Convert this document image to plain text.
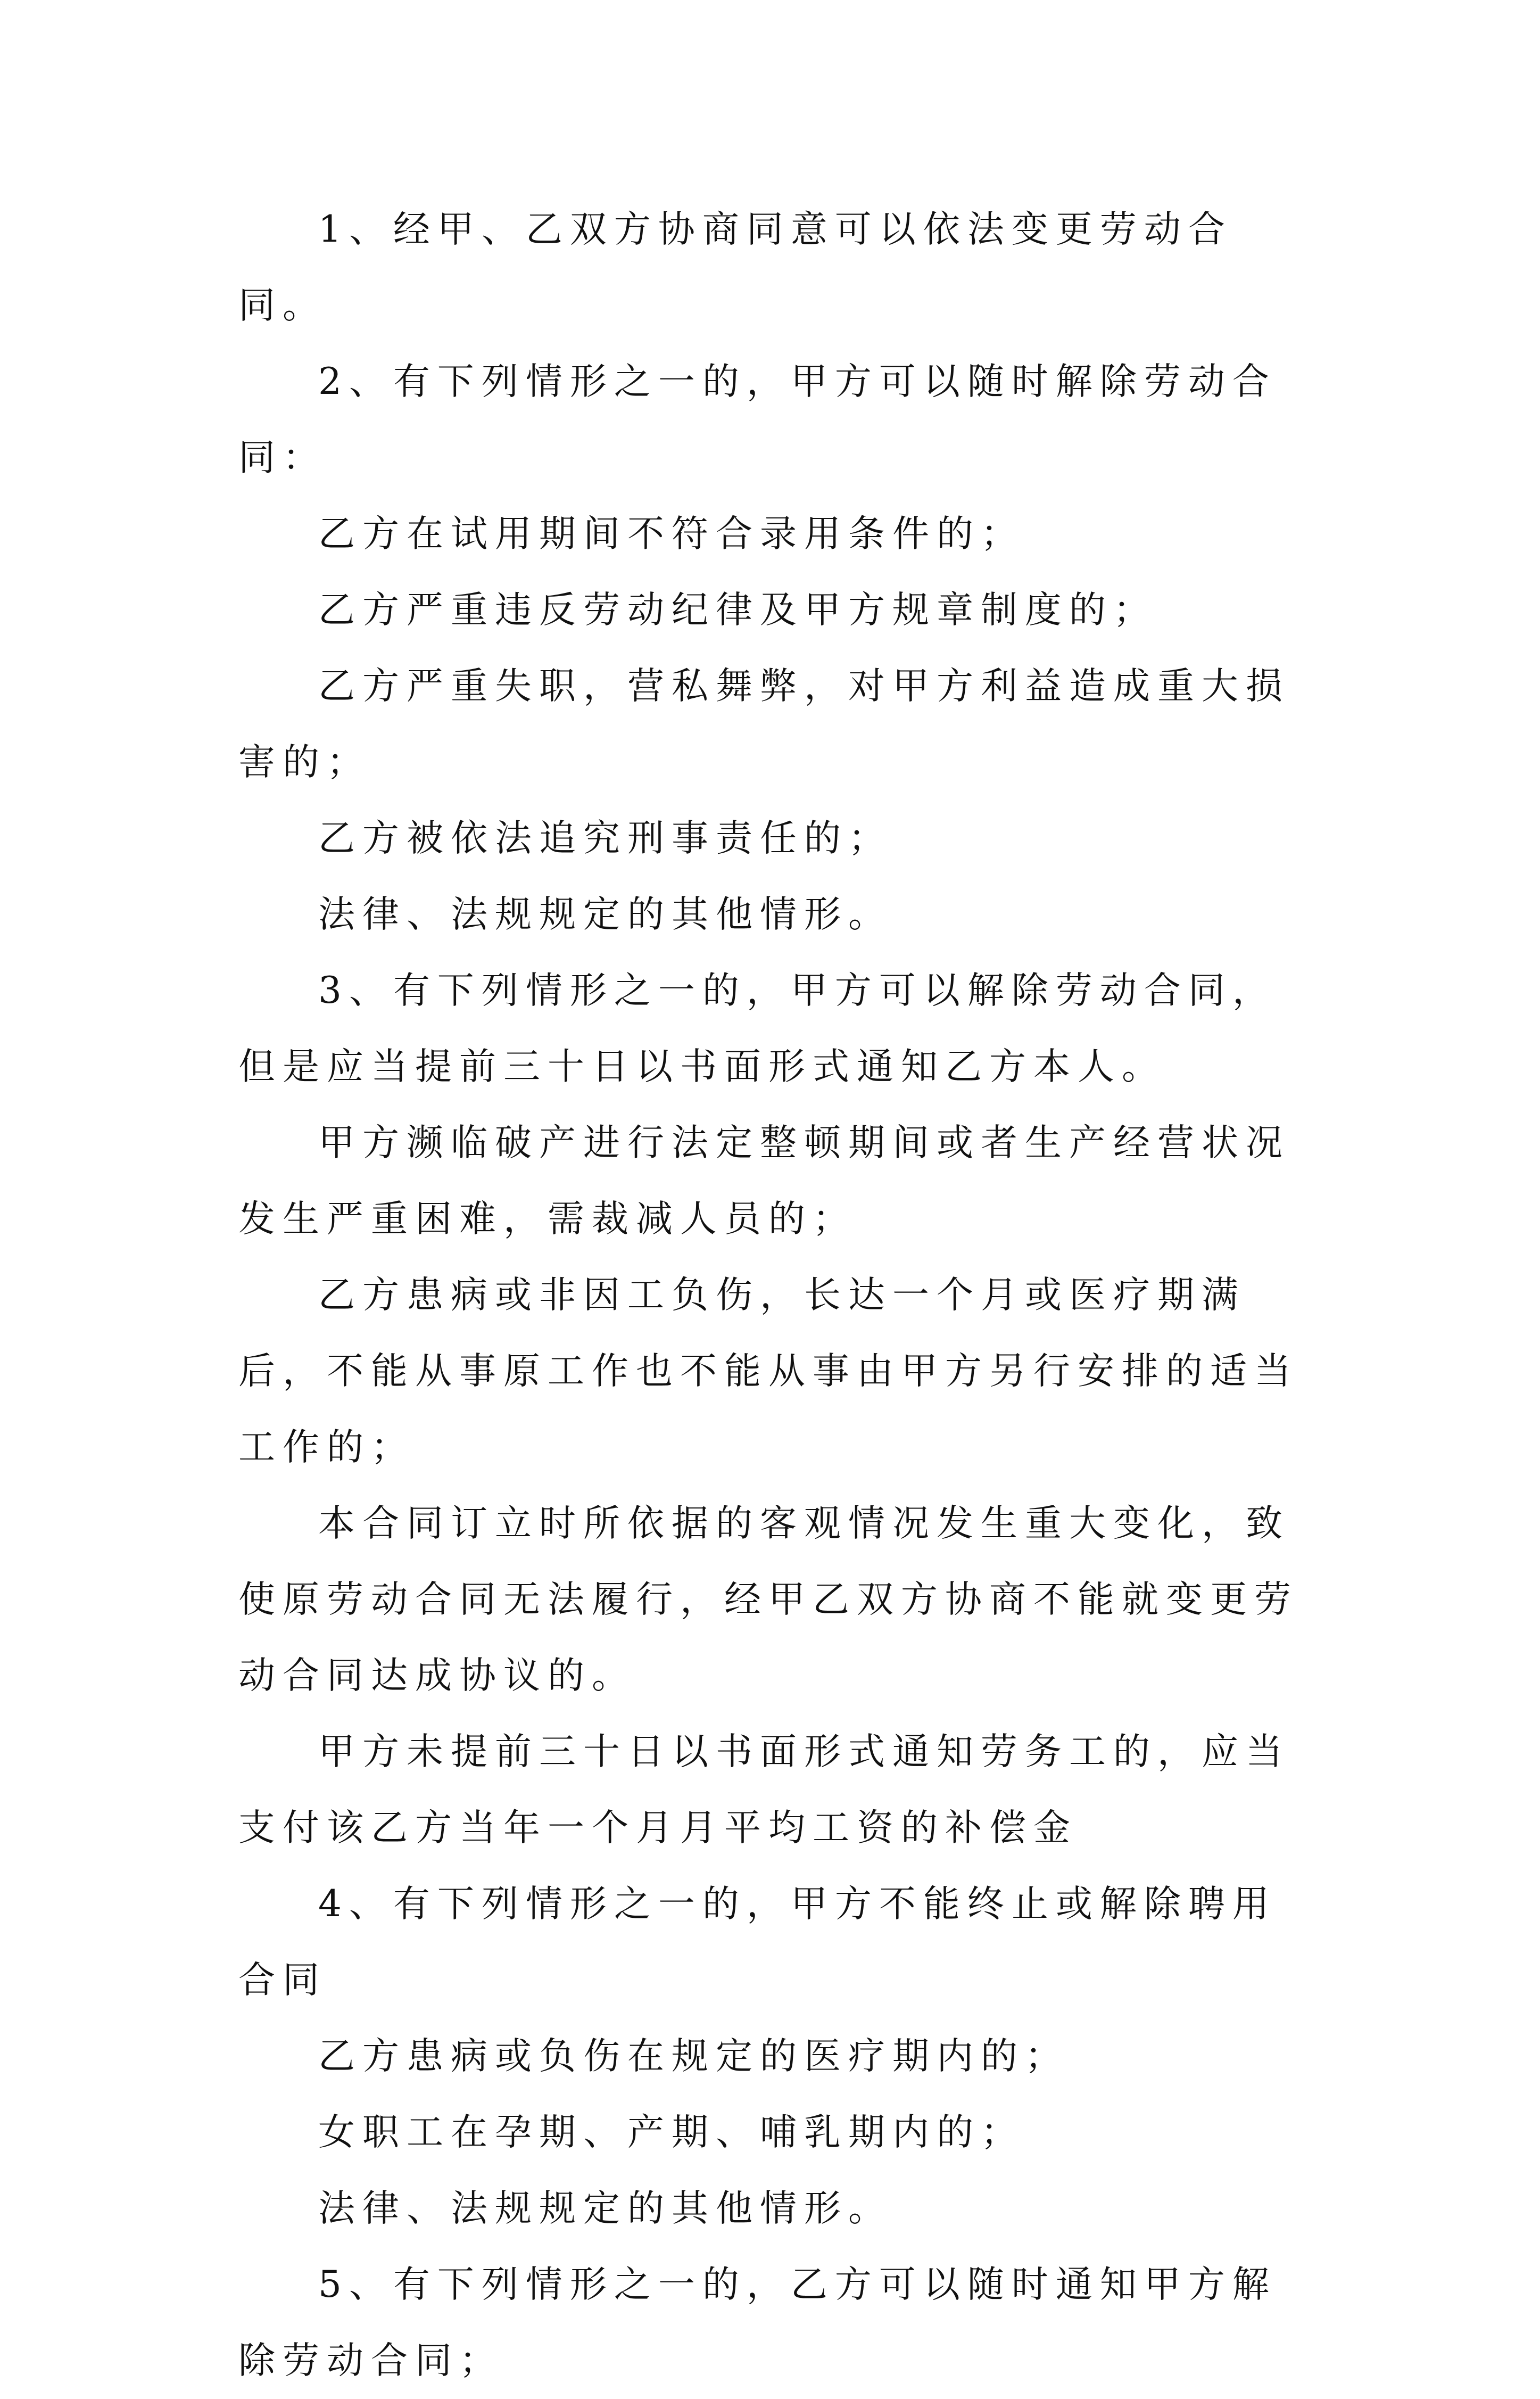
1、经甲、乙双方协商同意可以依法变更劳动合同。

2、有下列情形之一的，甲方可以随时解除劳动合同：

乙方在试用期间不符合录用条件的；

乙方严重违反劳动纪律及甲方规章制度的；

乙方严重失职，营私舞弊，对甲方利益造成重大损害的；

乙方被依法追究刑事责任的；

法律、法规规定的其他情形。

3、有下列情形之一的，甲方可以解除劳动合同，但是应当提前三十日以书面形式通知乙方本人。

甲方濒临破产进行法定整顿期间或者生产经营状况发生严重困难，需裁减人员的；

乙方患病或非因工负伤，长达一个月或医疗期满后，不能从事原工作也不能从事由甲方另行安排的适当工作的；

本合同订立时所依据的客观情况发生重大变化，致使原劳动合同无法履行，经甲乙双方协商不能就变更劳动合同达成协议的。

甲方未提前三十日以书面形式通知劳务工的，应当支付该乙方当年一个月月平均工资的补偿金

4、有下列情形之一的，甲方不能终止或解除聘用合同

乙方患病或负伤在规定的医疗期内的；

女职工在孕期、产期、哺乳期内的；

法律、法规规定的其他情形。

5、有下列情形之一的，乙方可以随时通知甲方解除劳动合同；
